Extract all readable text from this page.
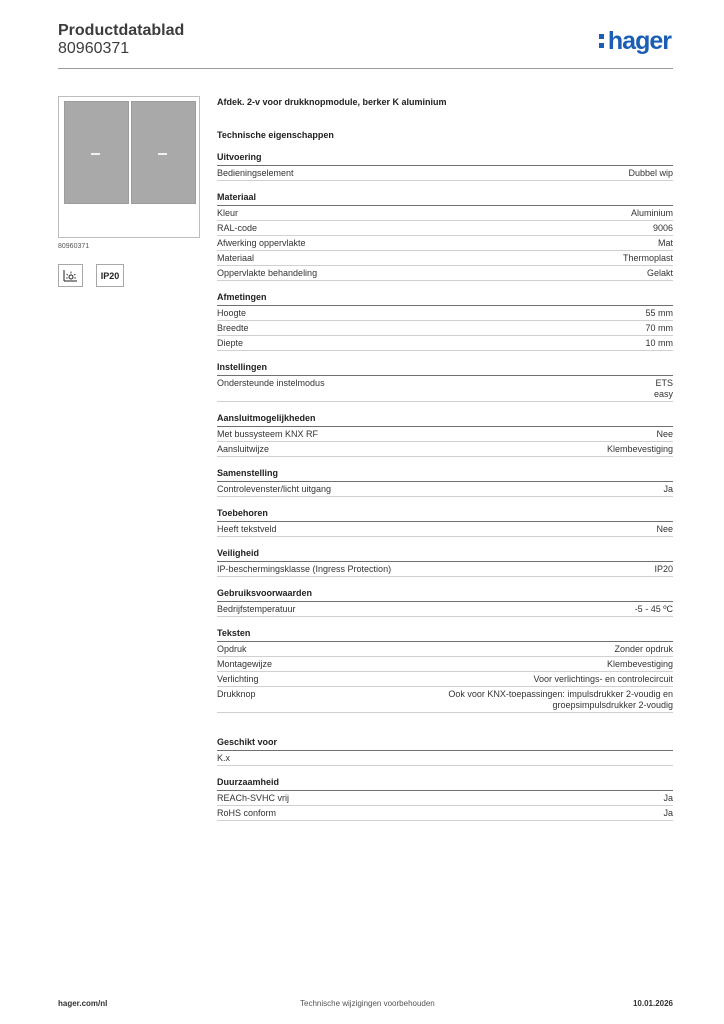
Productdatablad
80960371	hager
80960371
IP20
Afdek. 2-v voor drukknopmodule, berker K aluminium
Technische eigenschappen
Uitvoering
Bedieningselement	Dubbel wip
Materiaal
Kleur	Aluminium
RAL-code	9006
Afwerking oppervlakte	Mat
Materiaal	Thermoplast
Oppervlakte behandeling	Gelakt
Afmetingen
Hoogte	55 mm
Breedte	70 mm
Diepte	10 mm
Instellingen
Ondersteunde instelmodus	ETS
easy
Aansluitmogelijkheden
Met bussysteem KNX RF	Nee
Aansluitwijze	Klembevestiging
Samenstelling
Controlevenster/licht uitgang	Ja
Toebehoren
Heeft tekstveld	Nee
Veiligheid
IP-beschermingsklasse (Ingress Protection)	IP20
Gebruiksvoorwaarden
Bedrijfstemperatuur	-5 - 45 ºC
Teksten
Opdruk	Zonder opdruk
Montagewijze	Klembevestiging
Verlichting	Voor verlichtings- en controlecircuit
Drukknop	Ook voor KNX-toepassingen: impulsdrukker 2-voudig en
groepsimpulsdrukker 2-voudig
Geschikt voor
K.x
Duurzaamheid
REACh-SVHC vrij	Ja
RoHS conform	Ja
hager.com/nl	Technische wijzigingen voorbehouden	10.01.2026
